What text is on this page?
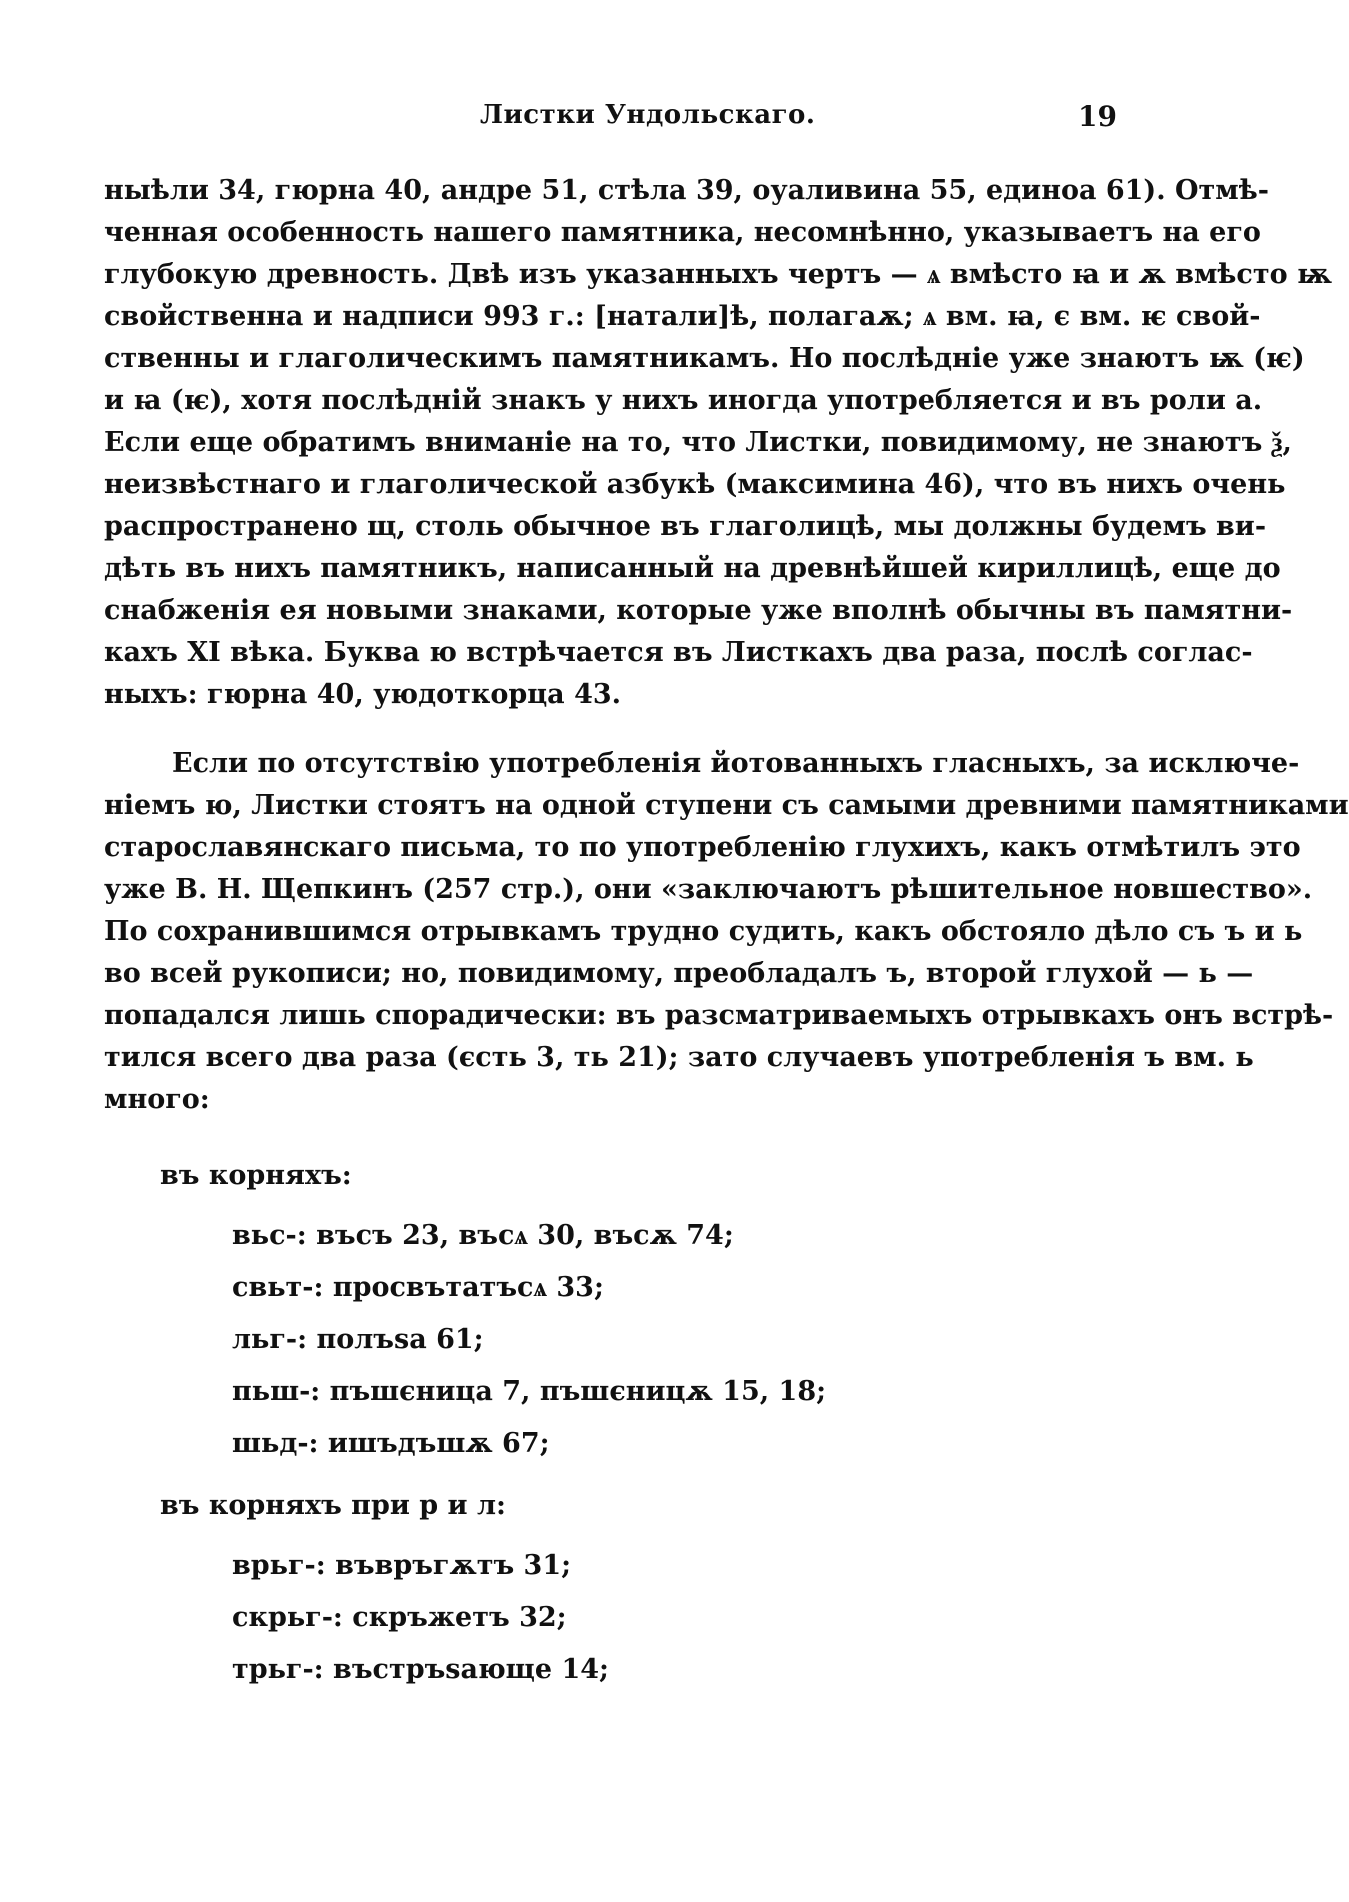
Листки Ундольскаго.	19
ныѣли 34, гюрна 40, андре 51, стѣла 39, оуаливина 55, единоа 61). Отмѣ-
ченная особенность нашего памятника, несомнѣнно, указываетъ на его
глубокую древность. Двѣ изъ указанныхъ чертъ — ѧ вмѣсто ꙗ и ѫ вмѣсто ѭ
свойственна и надписи 993 г.: [натали]ѣ, полагаѫ; ѧ вм. ꙗ, є вм. ѥ свой-
ственны и глаголическимъ памятникамъ. Но послѣдніе уже знаютъ ѭ (ѥ)
и ꙗ (ѥ), хотя послѣдній знакъ у нихъ иногда употребляется и въ роли а.
Если еще обратимъ вниманіе на то, что Листки, повидимому, не знаютъ ѯ,
неизвѣстнаго и глаголической азбукѣ (максимина 46), что въ нихъ очень
распространено щ, столь обычное въ глаголицѣ, мы должны будемъ ви-
дѣть въ нихъ памятникъ, написанный на древнѣйшей кириллицѣ, еще до
снабженія ея новыми знаками, которые уже вполнѣ обычны въ памятни-
кахъ XI вѣка. Буква ю встрѣчается въ Листкахъ два раза, послѣ соглас-
ныхъ: гюрна 40, уюдоткорца 43.
Если по отсутствію употребленія йотованныхъ гласныхъ, за исключе-
ніемъ ю, Листки стоятъ на одной ступени съ самыми древними памятниками
старославянскаго письма, то по употребленію глухихъ, какъ отмѣтилъ это
уже В. Н. Щепкинъ (257 стр.), они «заключаютъ рѣшительное новшество».
По сохранившимся отрывкамъ трудно судить, какъ обстояло дѣло съ ъ и ь
во всей рукописи; но, повидимому, преобладалъ ъ, второй глухой — ь —
попадался лишь спорадически: въ разсматриваемыхъ отрывкахъ онъ встрѣ-
тился всего два раза (єсть 3, ть 21); зато случаевъ употребленія ъ вм. ь
много:
въ корняхъ:
вьс-: въсъ 23, въсѧ 30, въсѫ 74;
свьт-: просвътатъсѧ 33;
льг-: полъѕа 61;
пьш-: пъшєница 7, пъшєницѫ 15, 18;
шьд-: ишъдъшѫ 67;
въ корняхъ при р и л:
врьг-: въвръгѫтъ 31;
скрьг-: скръжетъ 32;
трьг-: въстръѕающе 14;
